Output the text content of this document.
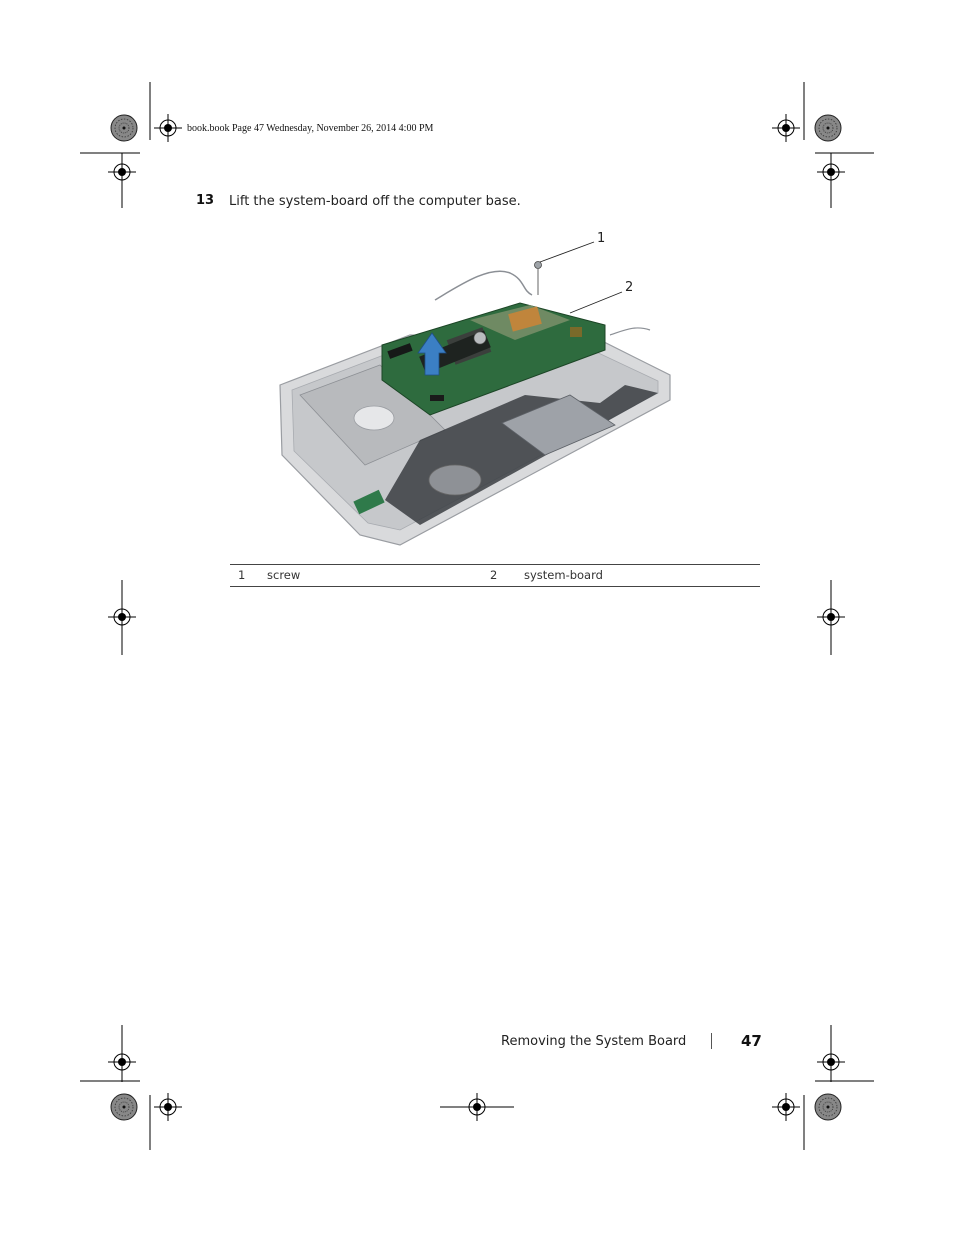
book.book Page 47 Wednesday, November 26, 2014 4:00 PM
13 Lift the system-board off the computer base.
1
2
1 screw	2 system-board
Removing the System Board	47
